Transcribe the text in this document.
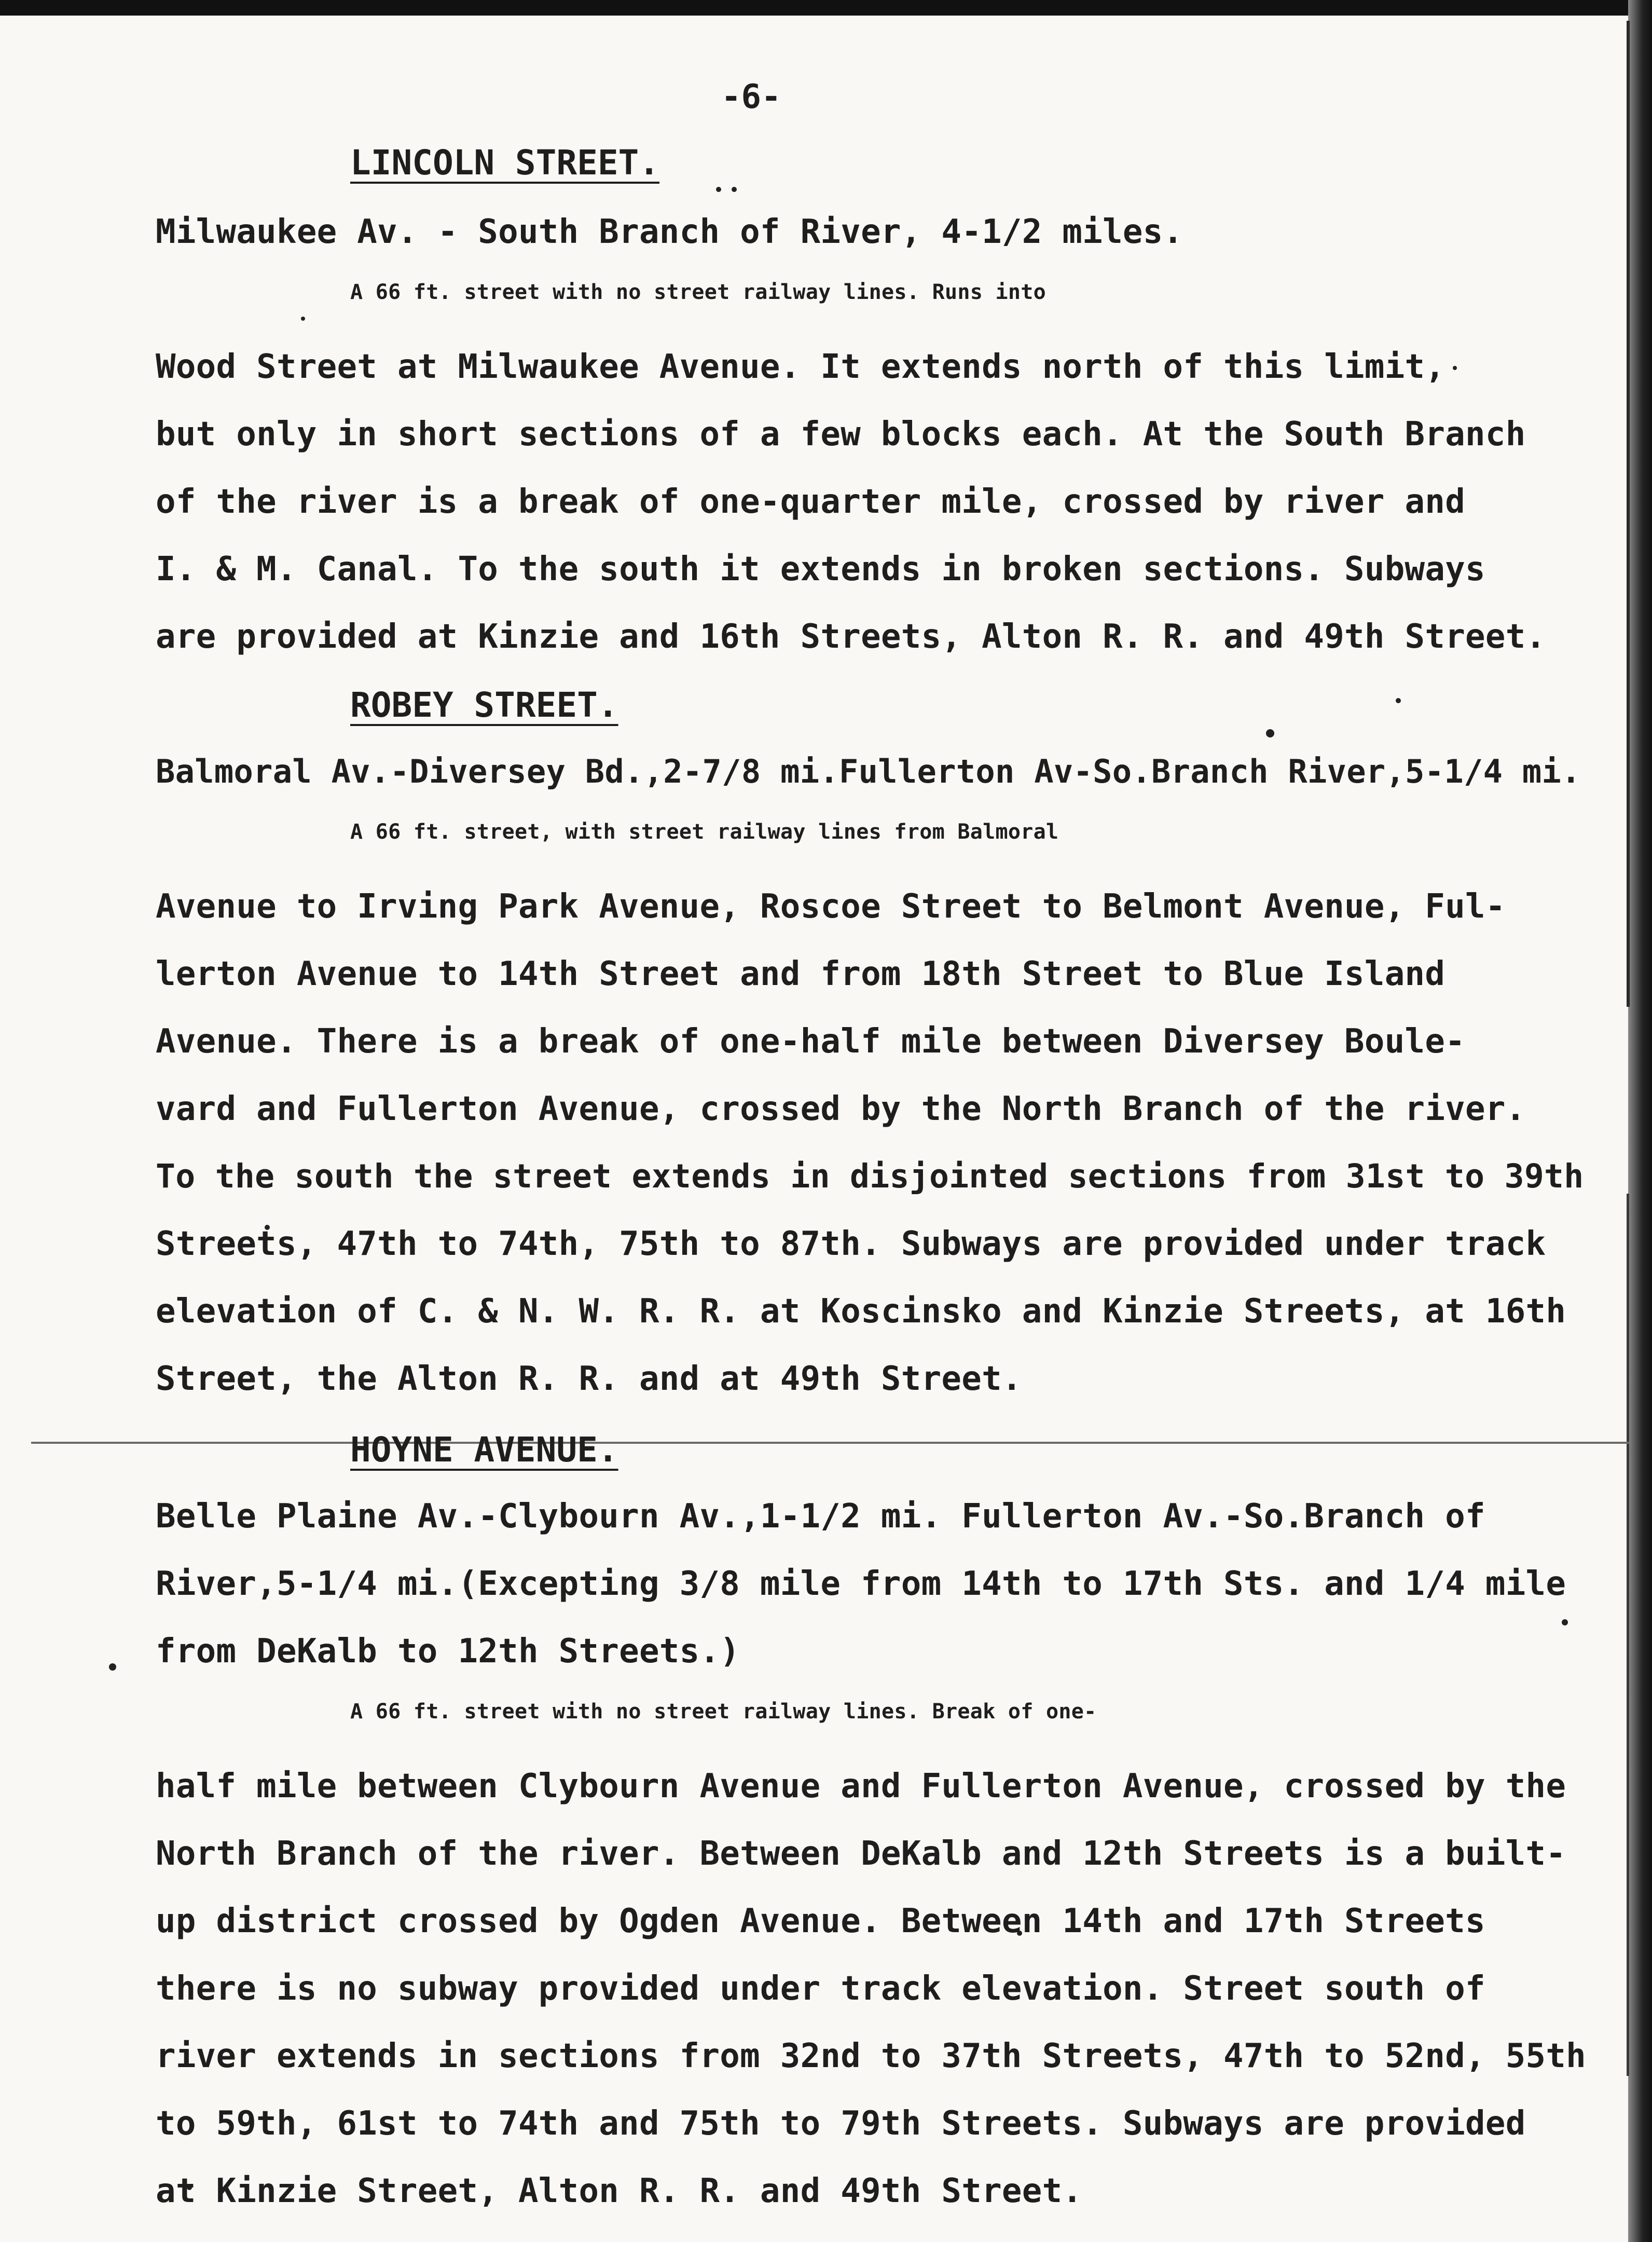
-6-
LINCOLN STREET.
Milwaukee Av. - South Branch of River, 4-1/2 miles.
A 66 ft. street with no street railway lines. Runs into
Wood Street at Milwaukee Avenue. It extends north of this limit,
but only in short sections of a few blocks each. At the South Branch
of the river is a break of one-quarter mile, crossed by river and
I. & M. Canal. To the south it extends in broken sections. Subways
are provided at Kinzie and 16th Streets, Alton R. R. and 49th Street.
ROBEY STREET.
Balmoral Av.-Diversey Bd.,2-7/8 mi.Fullerton Av-So.Branch River,5-1/4 mi.
A 66 ft. street, with street railway lines from Balmoral
Avenue to Irving Park Avenue, Roscoe Street to Belmont Avenue, Ful-
lerton Avenue to 14th Street and from 18th Street to Blue Island
Avenue. There is a break of one-half mile between Diversey Boule-
vard and Fullerton Avenue, crossed by the North Branch of the river.
To the south the street extends in disjointed sections from 31st to 39th
Streets, 47th to 74th, 75th to 87th. Subways are provided under track
elevation of C. & N. W. R. R. at Koscinsko and Kinzie Streets, at 16th
Street, the Alton R. R. and at 49th Street.
HOYNE AVENUE.
Belle Plaine Av.-Clybourn Av.,1-1/2 mi. Fullerton Av.-So.Branch of
River,5-1/4 mi.(Excepting 3/8 mile from 14th to 17th Sts. and 1/4 mile
from DeKalb to 12th Streets.)
A 66 ft. street with no street railway lines. Break of one-
half mile between Clybourn Avenue and Fullerton Avenue, crossed by the
North Branch of the river. Between DeKalb and 12th Streets is a built-
up district crossed by Ogden Avenue. Between 14th and 17th Streets
there is no subway provided under track elevation. Street south of
river extends in sections from 32nd to 37th Streets, 47th to 52nd, 55th
to 59th, 61st to 74th and 75th to 79th Streets. Subways are provided
at Kinzie Street, Alton R. R. and 49th Street.
